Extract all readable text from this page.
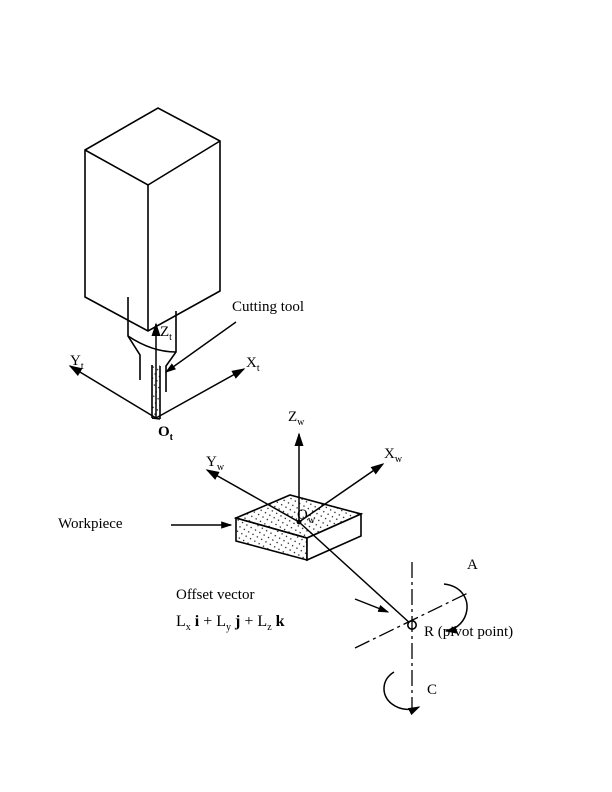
Cutting tool
$Z_t$
$X_t$
$Y_t$
$O_t$
$Z_w$
$X_w$
$Y_w$
$O_w$
Workpiece
Offset vector
$L_x$ $i + L_y$ $j + L_z$ k
R (pivot point)
A
C
